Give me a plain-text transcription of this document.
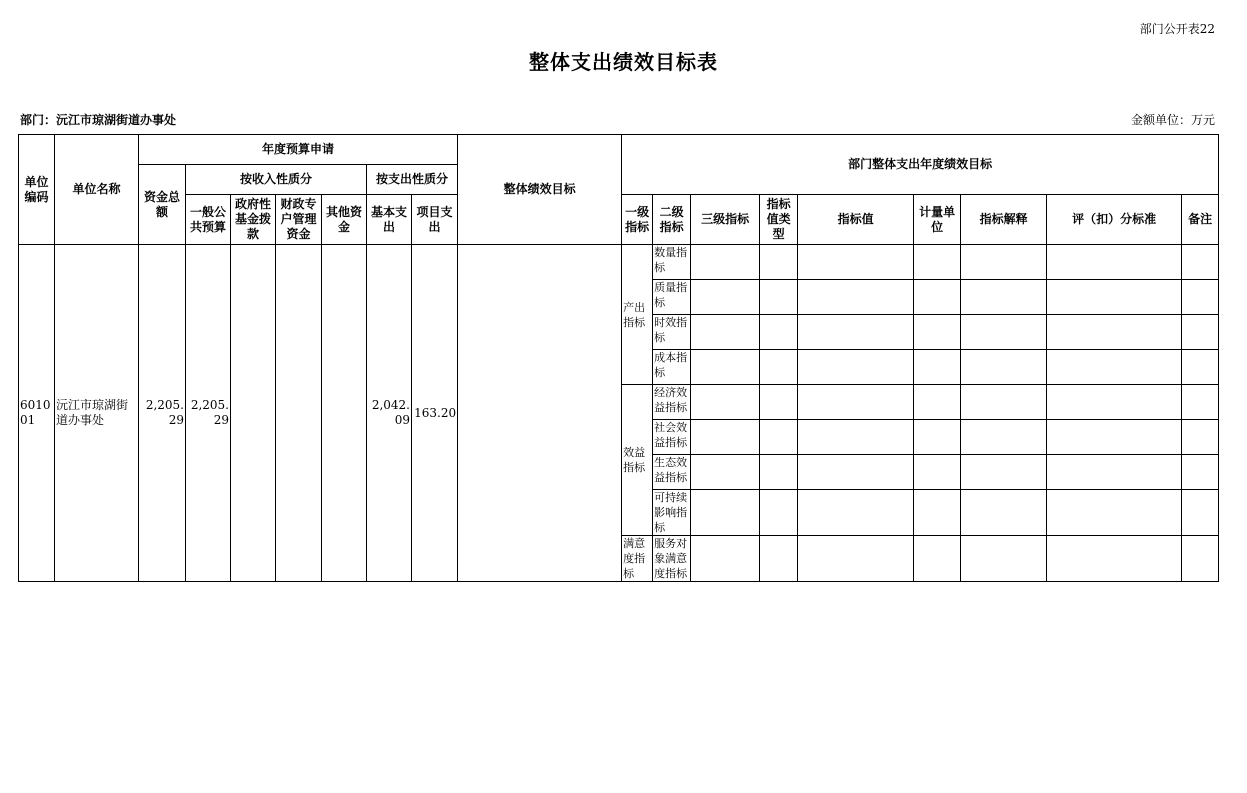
部门公开表22
整体支出绩效目标表
部门：沅江市琼湖街道办事处	金额单位：万元
单位编码	单位名称	年度预算申请							整体绩效目标	部门整体支出年度绩效目标								
		资金总额	按收入性质分				按支出性质分											
			一般公共预算	政府性基金拨款	财政专户管理资金	其他资金	基本支出	项目支出		一级指标	二级指标	三级指标	指标值类型	指标值	计量单位	指标解释	评（扣）分标准	备注
601001	沅江市琼湖街道办事处	2,205.29	2,205.29				2,042.09	163.20		产出指标	数量指标							
											质量指标							
											时效指标							
											成本指标							
										效益指标	经济效益指标							
											社会效益指标							
											生态效益指标							
											可持续影响指标							
										满意度指标	服务对象满意度指标							
